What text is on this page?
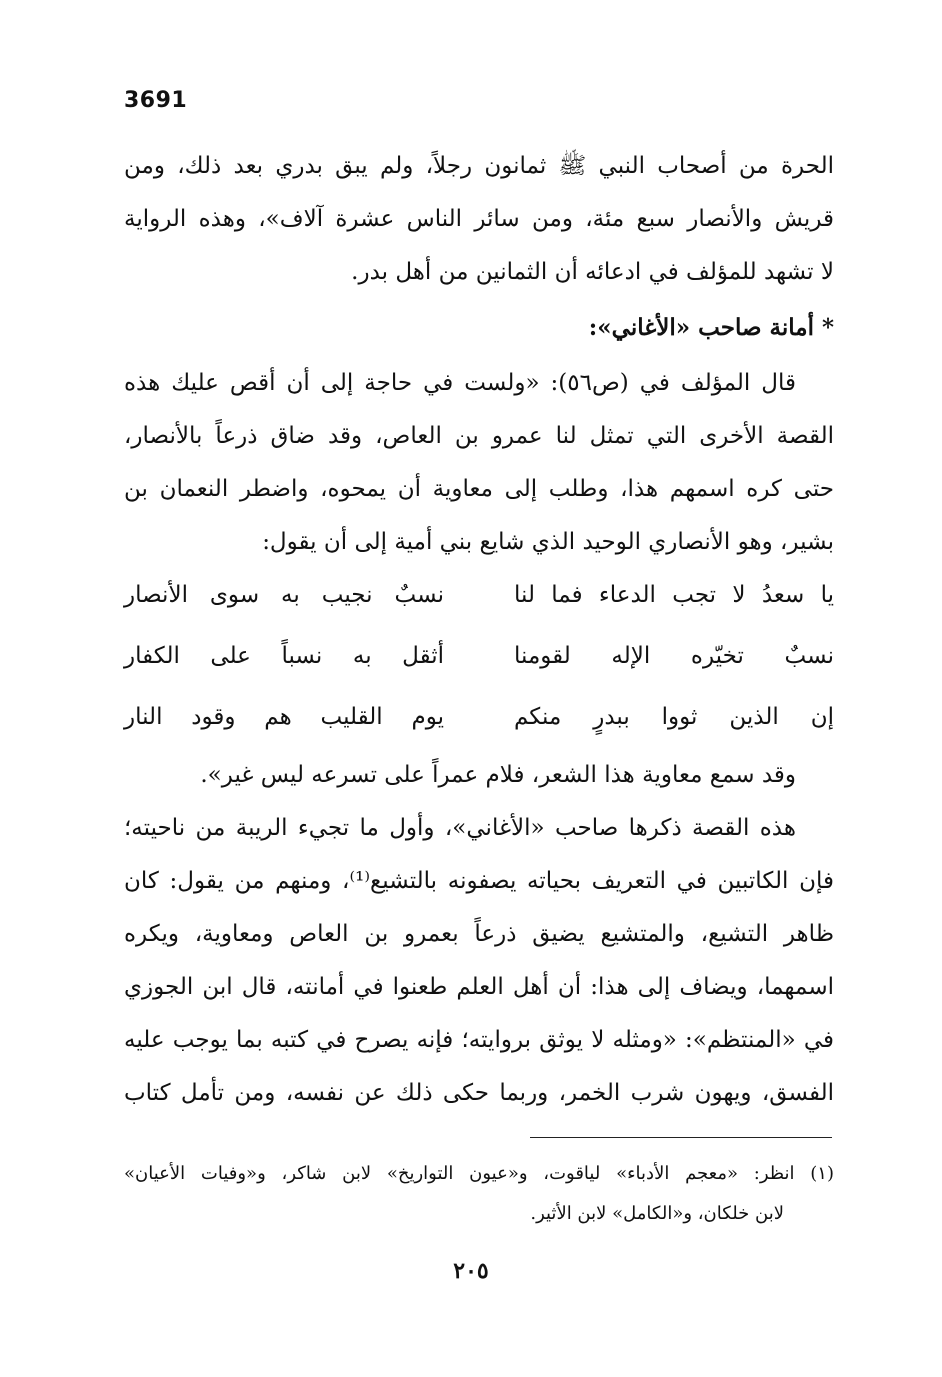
3691
الحرة من أصحاب النبي ﷺ ثمانون رجلاً، ولم يبق بدري بعد ذلك، ومن
قريش والأنصار سبع مئة، ومن سائر الناس عشرة آلاف»، وهذه الرواية
لا تشهد للمؤلف في ادعائه أن الثمانين من أهل بدر.
* أمانة صاحب «الأغاني»:
قال المؤلف في (ص٥٦): «ولست في حاجة إلى أن أقص عليك هذه
القصة الأخرى التي تمثل لنا عمرو بن العاص، وقد ضاق ذرعاً بالأنصار،
حتى كره اسمهم هذا، وطلب إلى معاوية أن يمحوه، واضطر النعمان بن
بشير، وهو الأنصاري الوحيد الذي شايع بني أمية إلى أن يقول:
يا سعدُ لا تجب الدعاء فما لنا
نسبٌ نجيب به سوى الأنصار
نسبٌ تخيّره الإله لقومنا
أثقل به نسباً على الكفار
إن الذين ثووا ببدرٍ منكم
يوم القليب هم وقود النار
وقد سمع معاوية هذا الشعر، فلام عمراً على تسرعه ليس غير».
هذه القصة ذكرها صاحب «الأغاني»، وأول ما تجيء الريبة من ناحيته؛
فإن الكاتبين في التعريف بحياته يصفونه بالتشيع⁽¹⁾، ومنهم من يقول: كان
ظاهر التشيع، والمتشيع يضيق ذرعاً بعمرو بن العاص ومعاوية، ويكره
اسمهما، ويضاف إلى هذا: أن أهل العلم طعنوا في أمانته، قال ابن الجوزي
في «المنتظم»: «ومثله لا يوثق بروايته؛ فإنه يصرح في كتبه بما يوجب عليه
الفسق، ويهون شرب الخمر، وربما حكى ذلك عن نفسه، ومن تأمل كتاب
(١) انظر: «معجم الأدباء» لياقوت، و«عيون التواريخ» لابن شاكر، و«وفيات الأعيان»
لابن خلكان، و«الكامل» لابن الأثير.
٢٠٥
